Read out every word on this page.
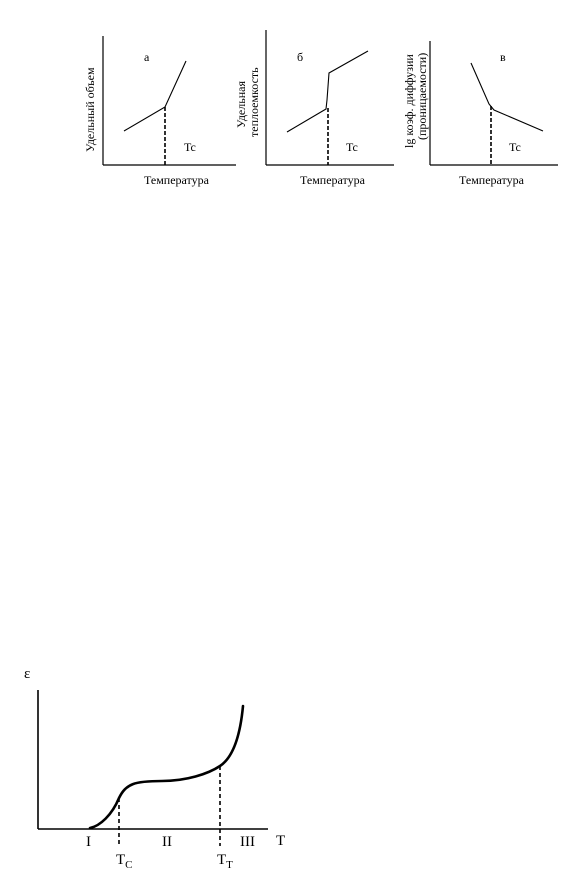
а
Tc
Температура
Удельный объем
б
Tc
Температура
Удельная теплоемкость
в
Tc
Температура
lg коэф. диффузии (проницаемости)
ε
T
I	II	III
$T_C$	$T_T$
